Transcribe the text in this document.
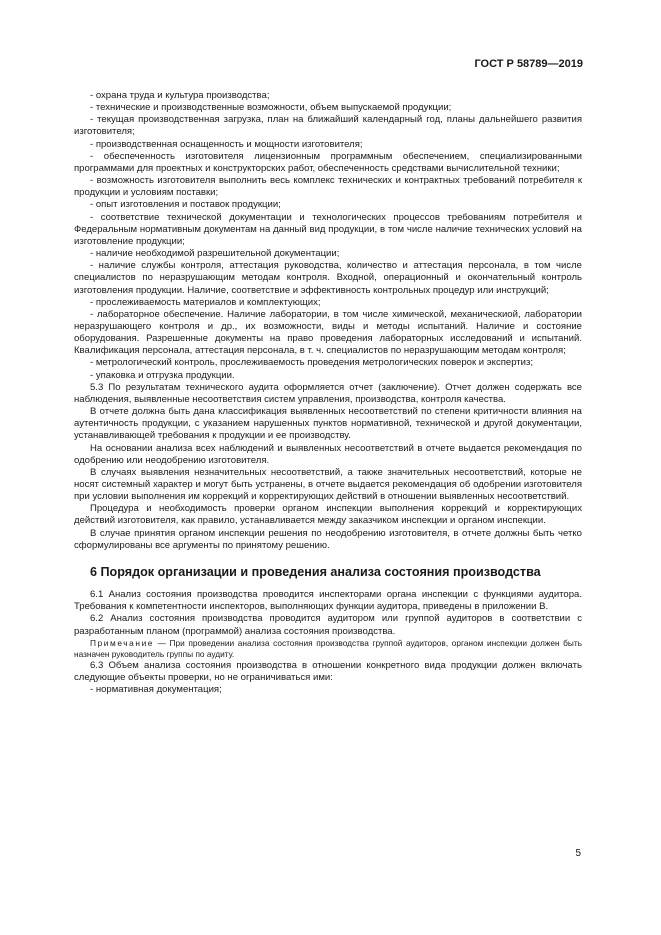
ГОСТ Р 58789—2019

- охрана труда и культура производства;

- технические и производственные возможности, объем выпускаемой продукции;

- текущая производственная загрузка, план на ближайший календарный год, планы дальнейшего развития изготовителя;

- производственная оснащенность и мощности изготовителя;

- обеспеченность изготовителя лицензионным программным обеспечением, специализированными программами для проектных и конструкторских работ, обеспеченность средствами вычислительной техники;

- возможность изготовителя выполнить весь комплекс технических и контрактных требований потребителя к продукции и условиям поставки;

- опыт изготовления и поставок продукции;

- соответствие технической документации и технологических процессов требованиям потребителя и Федеральным нормативным документам на данный вид продукции, в том числе наличие технических условий на изготовление продукции;

- наличие необходимой разрешительной документации;

- наличие службы контроля, аттестация руководства, количество и аттестация персонала, в том числе специалистов по неразрушающим методам контроля. Входной, операционный и окончательный контроль изготовления продукции. Наличие, соответствие и эффективность контрольных процедур или инструкций;

- прослеживаемость материалов и комплектующих;

- лабораторное обеспечение. Наличие лаборатории, в том числе химической, механическиой, лаборатории неразрушающего контроля и др., их возможности, виды и методы испытаний. Наличие и состояние оборудования. Разрешенные документы на право проведения лабораторных исследований и испытаний. Квалификация персонала, аттестация персонала, в т. ч. специалистов по неразрушающим методам контроля;

- метрологический контроль, прослеживаемость проведения метрологических поверок и экспертиз;

- упаковка и отгрузка продукции.

5.3 По результатам технического аудита оформляется отчет (заключение). Отчет должен содержать все наблюдения, выявленные несоответствия систем управления, производства, контроля качества.

В отчете должна быть дана классификация выявленных несоответствий по степени критичности влияния на аутентичность продукции, с указанием нарушенных пунктов нормативной, технической и другой документации, устанавливающей требования к продукции и ее производству.

На основании анализа всех наблюдений и выявленных несоответствий в отчете выдается рекомендация по одобрению или неодобрению изготовителя.

В случаях выявления незначительных несоответствий, а также значительных несоответствий, которые не носят системный характер и могут быть устранены, в отчете выдается рекомендация об одобрении изготовителя при условии выполнения им коррекций и корректирующих действий в отношении выявленных несоответствий.

Процедура и необходимость проверки органом инспекции выполнения коррекций и корректирующих действий изготовителя, как правило, устанавливается между заказчиком инспекции и органом инспекции.

В случае принятия органом инспекции решения по неодобрению изготовителя, в отчете должны быть четко сформулированы все аргументы по принятому решению.

6 Порядок организации и проведения анализа состояния производства

6.1 Анализ состояния производства проводится инспекторами органа инспекции с функциями аудитора. Требования к компетентности инспекторов, выполняющих функции аудитора, приведены в приложении В.

6.2 Анализ состояния производства проводится аудитором или группой аудиторов в соответствии с разработанным планом (программой) анализа состояния производства.

Примечание — При проведении анализа состояния производства группой аудиторов, органом инспекции должен быть назначен руководитель группы по аудиту.

6.3 Объем анализа состояния производства в отношении конкретного вида продукции должен включать следующие объекты проверки, но не ограничиваться ими:

- нормативная документация;

5
